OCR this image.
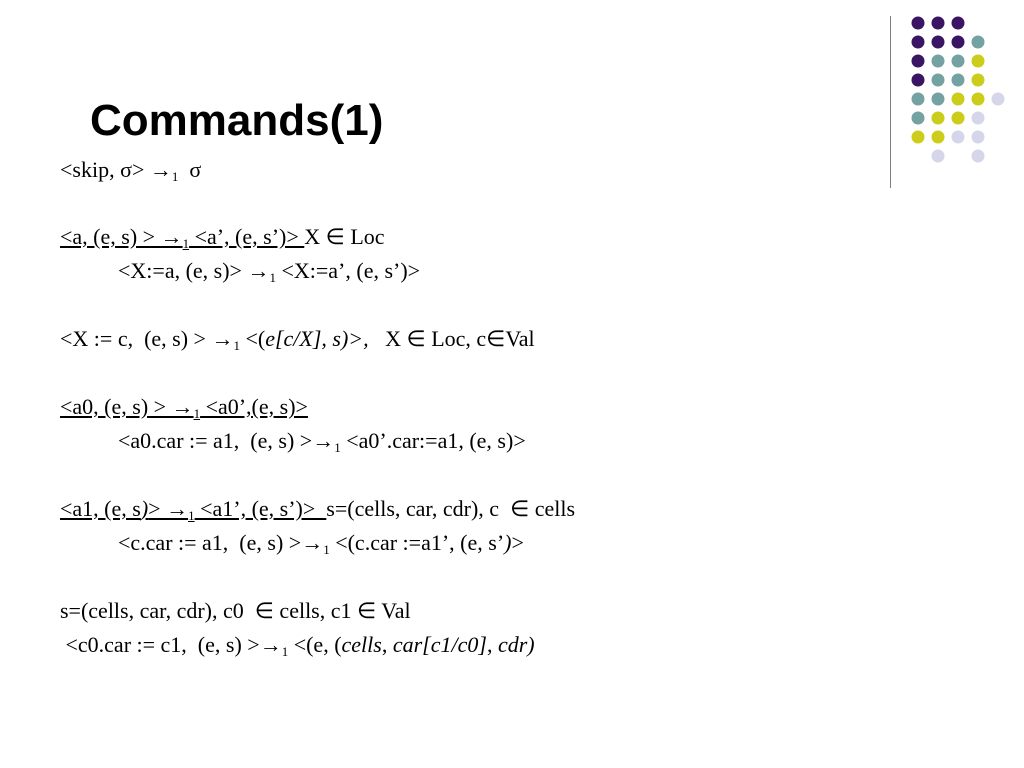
Commands(1)
<skip, $\sigma> \to_1$  σ
<a, (e, $s) > \to_1 <a$’, (e, s’)> X ∈ Loc
<X:=a, (e, $s)> \to_1$ <X:=a’, (e, s’)>
<X := c,  (e, $s) > \to_1 <(e[c/X]$, s)>,   X ∈ Loc, c∈Val
<a0, (e, $s) > \to_1$ <a0’,(e, s)>
<a0.car := a1,  (e, $s) >\to_1$ <a0’.car:=a1, (e, s)>
<a1, (e, $s)> \to_1 <a1$’, (e, s’)>  s=(cells, car, cdr), c  ∈ cells
<c.car := a1,  (e, $s) >\to_1 <(c.car$ :=a1’, (e, s’)>
s=(cells, car, cdr), c0  ∈ cells, c1 ∈ Val
<c0.car := c1,  (e, $s) >\to_1 <(e$, (cells, car[c1/c0], cdr)
